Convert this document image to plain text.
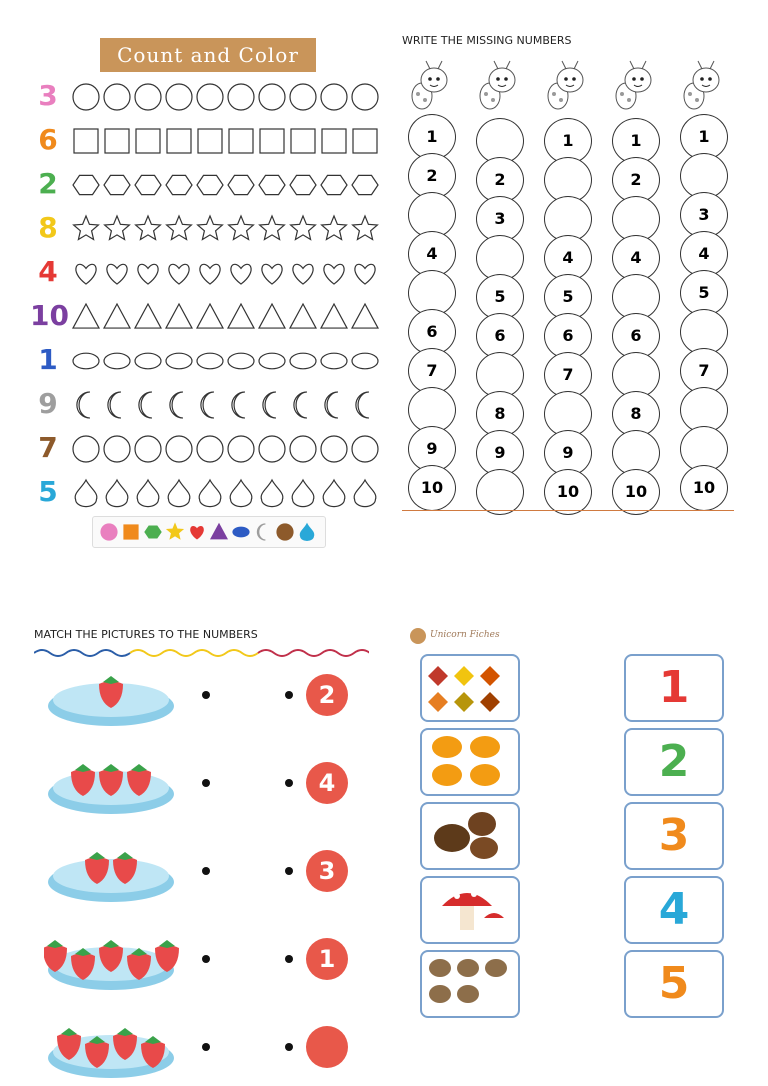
Count and Color
3
6
2
8
4
10
1
9
7
5
WRITE THE MISSING NUMBERS
1
2
4
6
7
9
10
2
3
5
6
8
9
1
4
5
6
7
9
10
1
2
4
6
8
10
1
3
4
5
7
10
MATCH THE PICTURES TO THE NUMBERS
2
4
3
1
Unicorn Fiches
1
2
3
4
5
